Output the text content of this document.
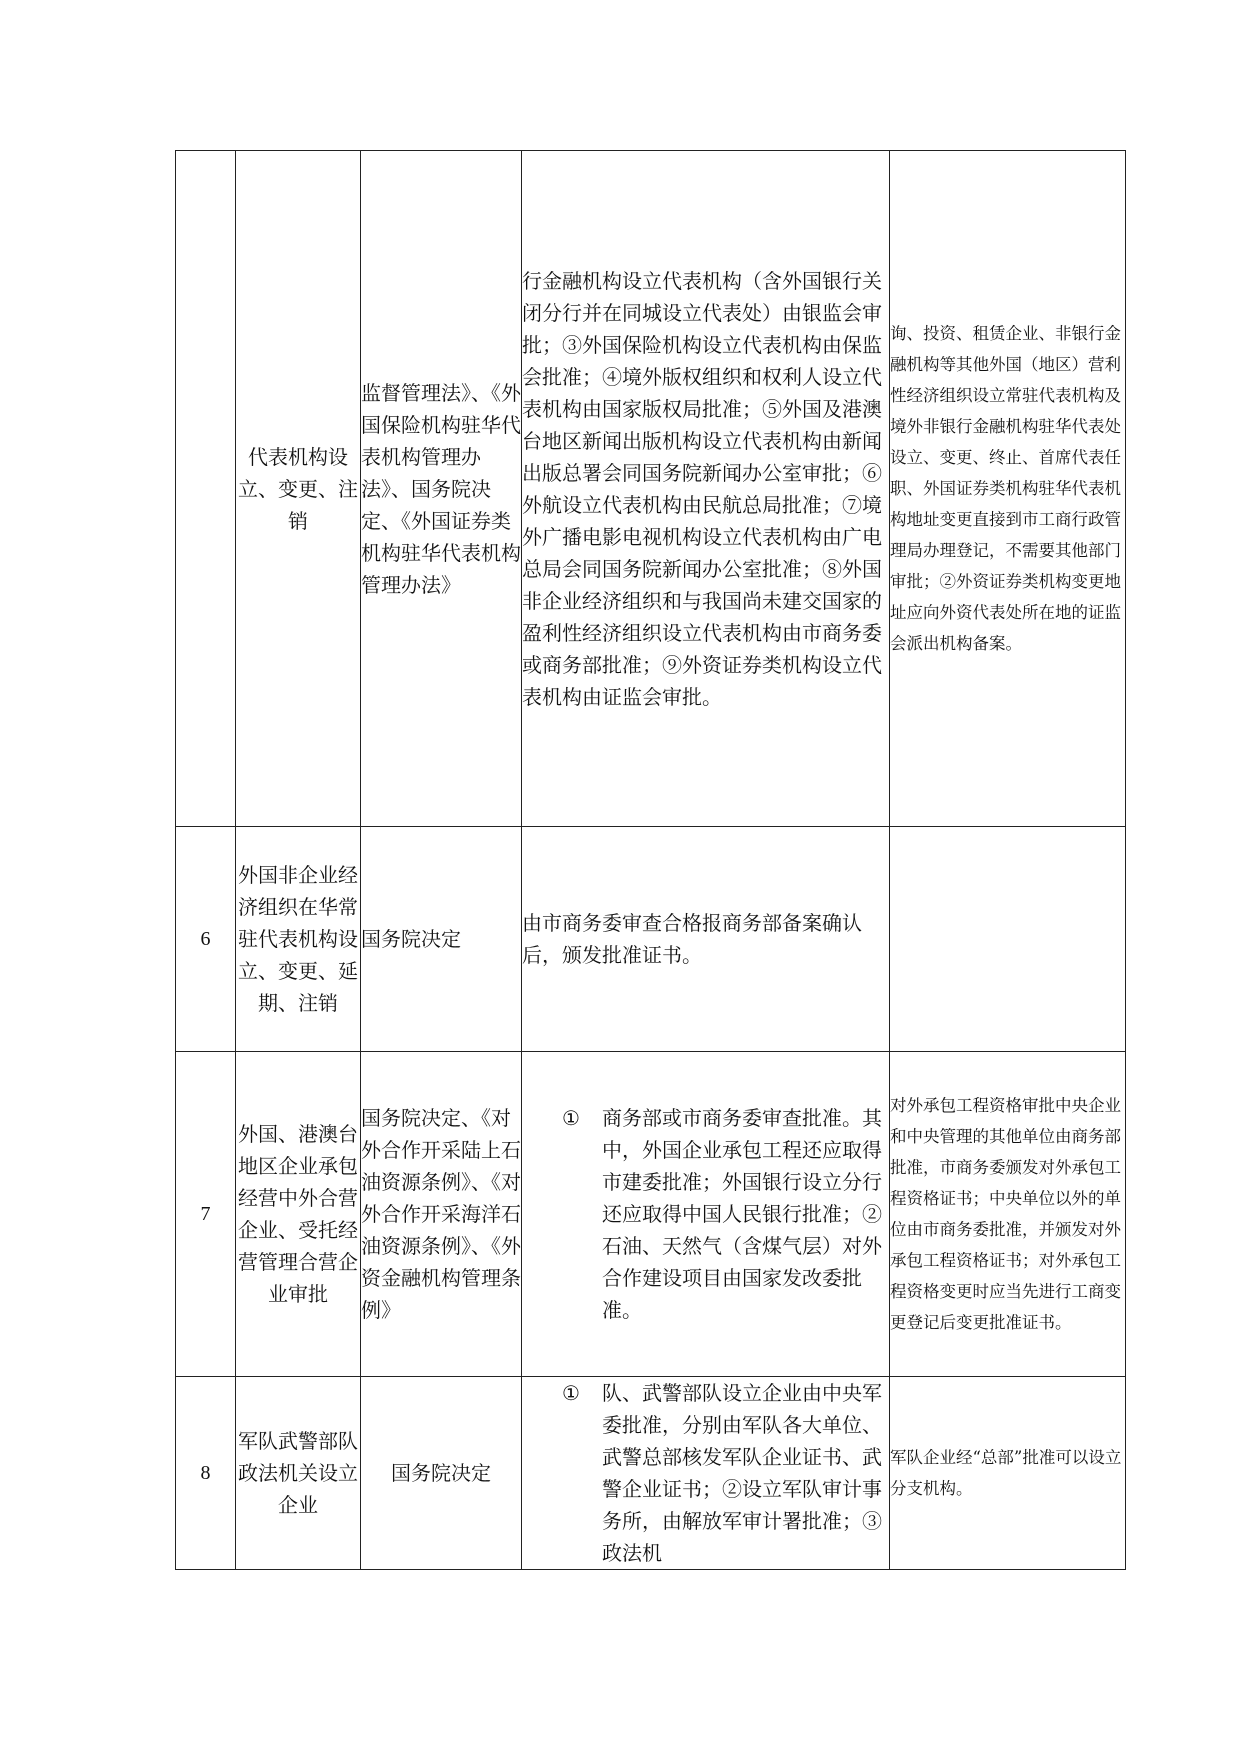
	代表机构设立、变更、注销	监督管理法》、《外国保险机构驻华代表机构管理办法》、国务院决定、《外国证券类机构驻华代表机构管理办法》	行金融机构设立代表机构（含外国银行关闭分行并在同城设立代表处）由银监会审批；③外国保险机构设立代表机构由保监会批准；④境外版权组织和权利人设立代表机构由国家版权局批准；⑤外国及港澳台地区新闻出版机构设立代表机构由新闻出版总署会同国务院新闻办公室审批；⑥外航设立代表机构由民航总局批准；⑦境外广播电影电视机构设立代表机构由广电总局会同国务院新闻办公室批准；⑧外国非企业经济组织和与我国尚未建交国家的盈利性经济组织设立代表机构由市商务委或商务部批准；⑨外资证券类机构设立代表机构由证监会审批。	询、投资、租赁企业、非银行金融机构等其他外国（地区）营利性经济组织设立常驻代表机构及境外非银行金融机构驻华代表处设立、变更、终止、首席代表任职、外国证券类机构驻华代表机构地址变更直接到市工商行政管理局办理登记，不需要其他部门审批；②外资证券类机构变更地址应向外资代表处所在地的证监会派出机构备案。
6	外国非企业经济组织在华常驻代表机构设立、变更、延期、注销	国务院决定	由市商务委审查合格报商务部备案确认后，颁发批准证书。	
7	外国、港澳台地区企业承包经营中外合营企业、受托经营管理合营企业审批	国务院决定、《对外合作开采陆上石油资源条例》、《对外合作开采海洋石油资源条例》、《外资金融机构管理条例》	① 商务部或市商务委审查批准。其中，外国企业承包工程还应取得市建委批准；外国银行设立分行还应取得中国人民银行批准；②石油、天然气（含煤气层）对外合作建设项目由国家发改委批准。	对外承包工程资格审批中央企业和中央管理的其他单位由商务部批准，市商务委颁发对外承包工程资格证书；中央单位以外的单位由市商务委批准，并颁发对外承包工程资格证书；对外承包工程资格变更时应当先进行工商变更登记后变更批准证书。
8	军队武警部队政法机关设立企业	国务院决定	① 队、武警部队设立企业由中央军委批准，分别由军队各大单位、武警总部核发军队企业证书、武警企业证书；②设立军队审计事务所，由解放军审计署批准；③政法机	军队企业经“总部”批准可以设立分支机构。
